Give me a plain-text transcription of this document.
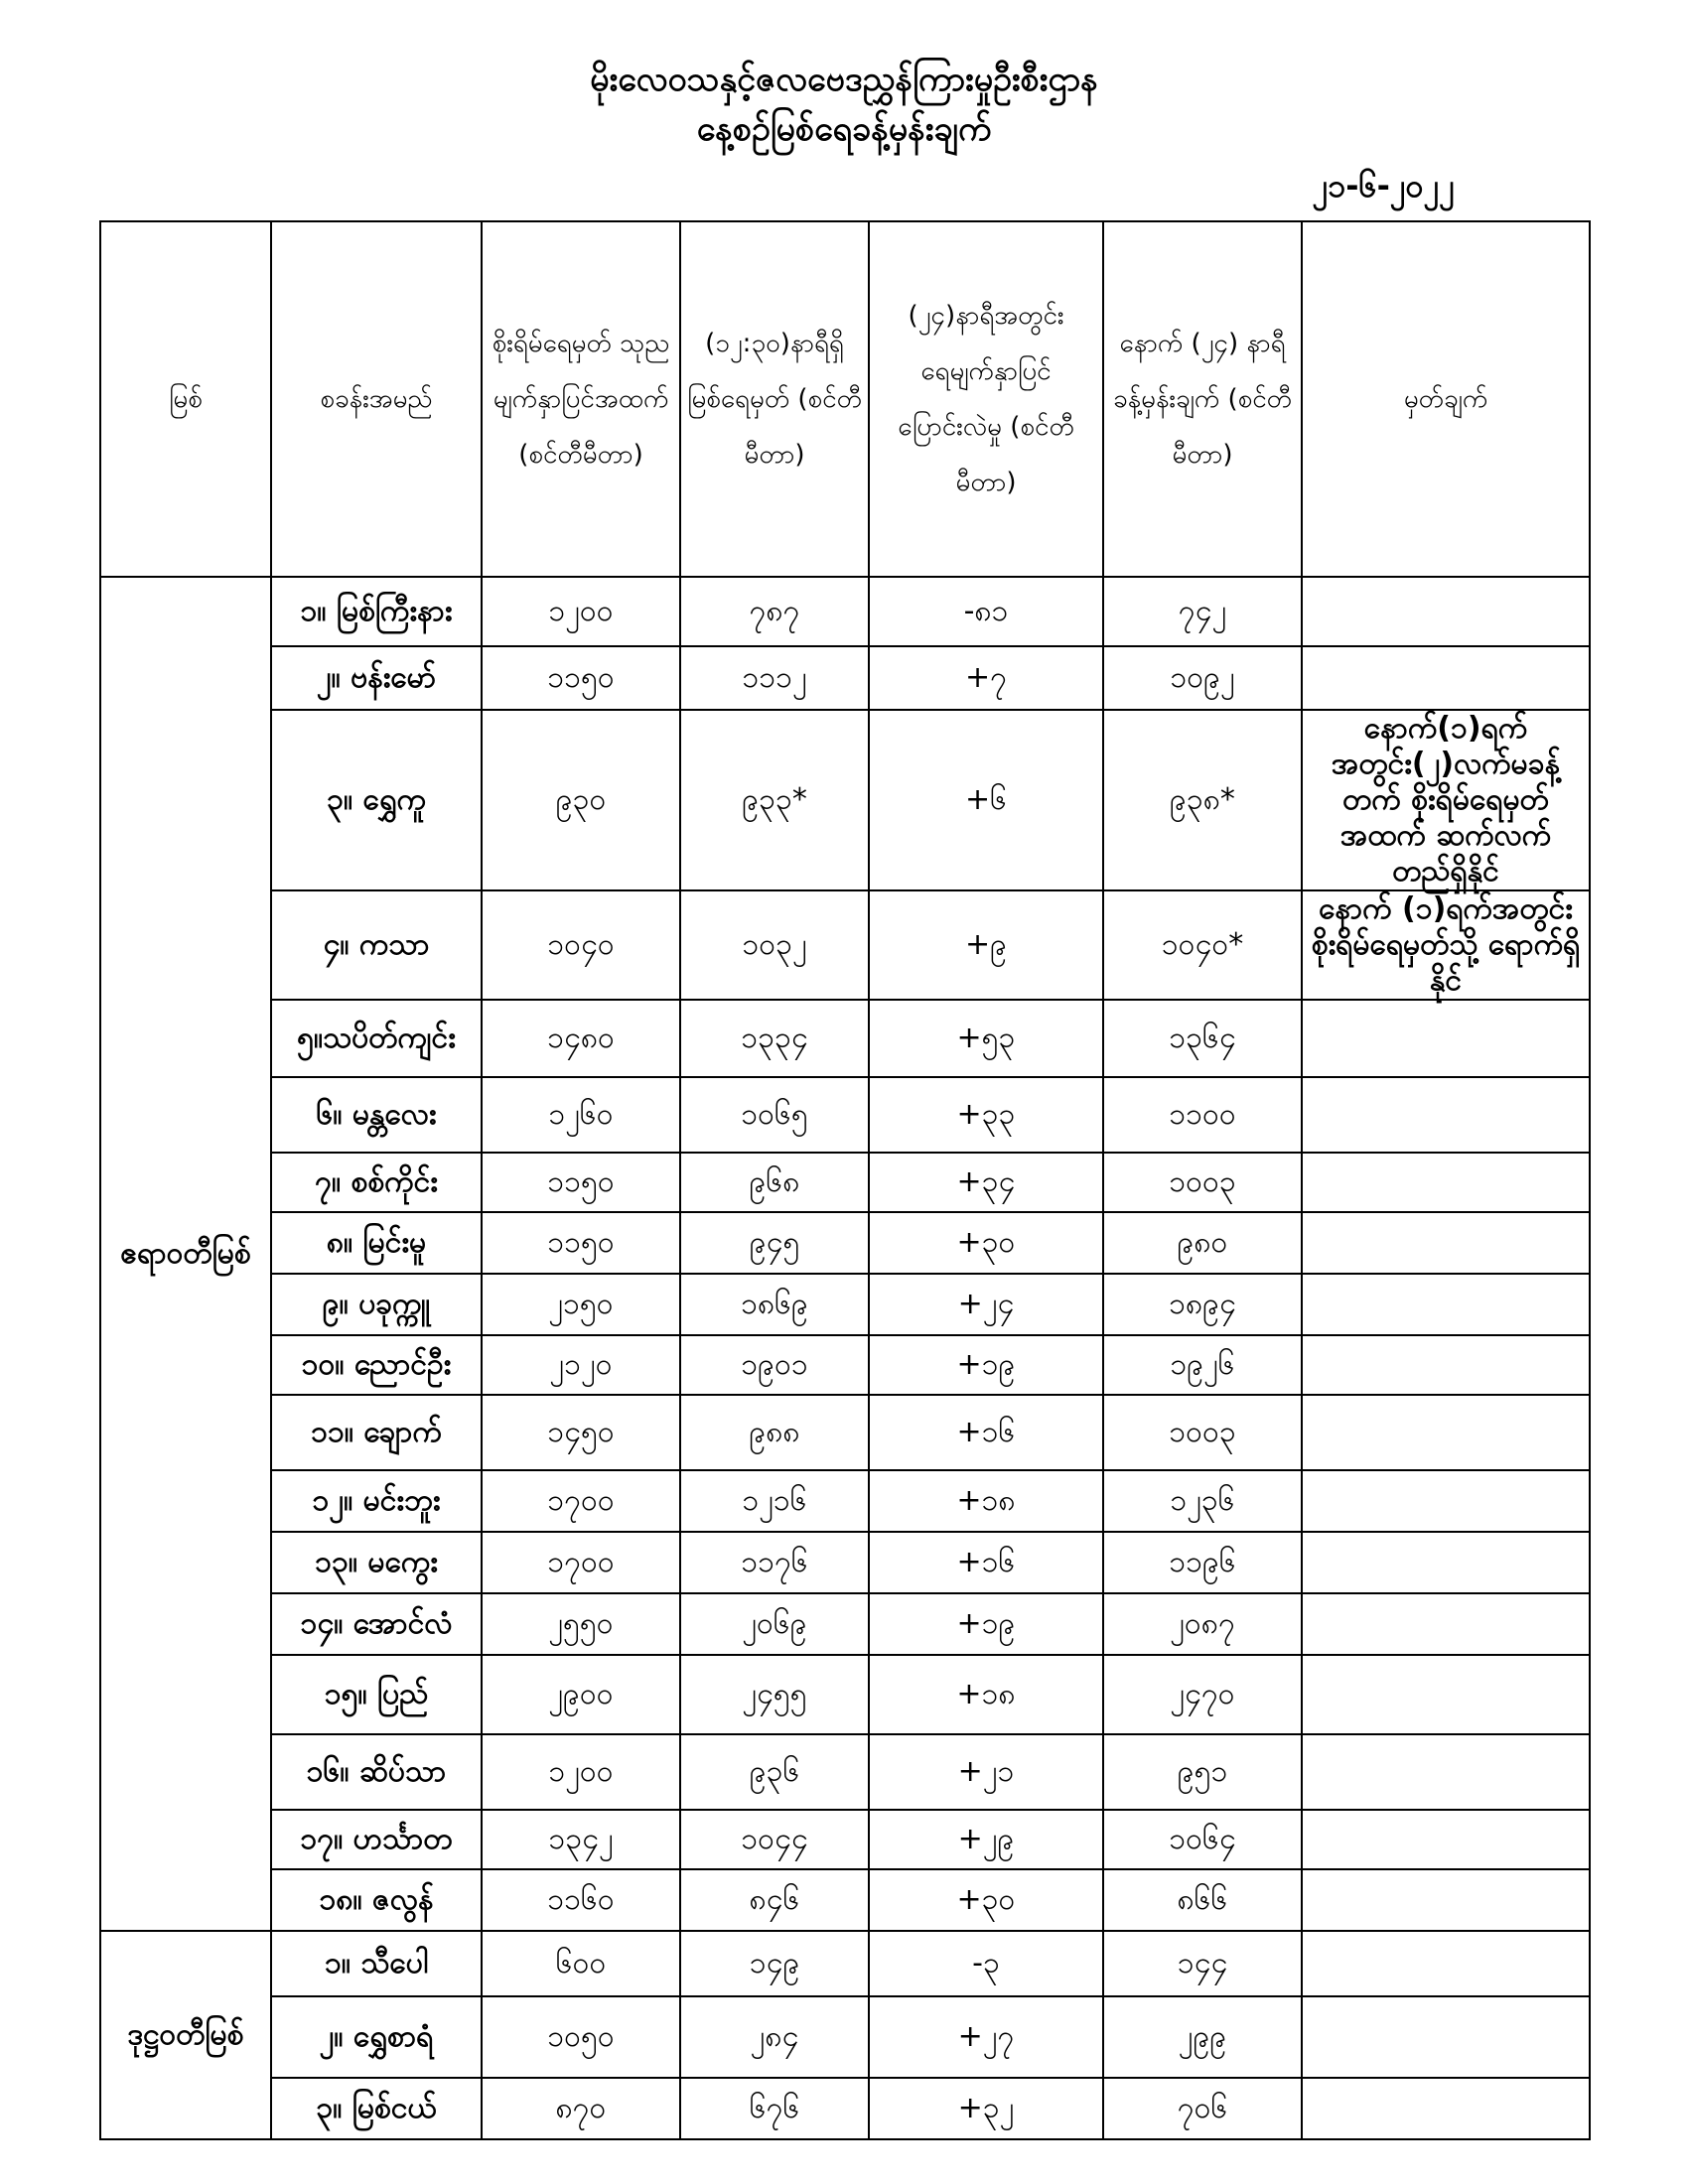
မိုးလေဝသနှင့်ဇလဗေဒညွှန်ကြားမှုဦးစီးဌာန
နေ့စဉ်မြစ်ရေခန့်မှန်းချက်
၂၁-၆-၂၀၂၂
မြစ်	စခန်းအမည်	စိုးရိမ်ရေမှတ် သုညမျက်နှာပြင်အထက် (စင်တီမီတာ)	(၁၂:၃၀)နာရီရှိ မြစ်ရေမှတ် (စင်တီမီတာ)	(၂၄)နာရီအတွင်း ရေမျက်နှာပြင် ပြောင်းလဲမှု (စင်တီမီတာ)	နောက် (၂၄) နာရီ ခန့်မှန်းချက် (စင်တီမီတာ)	မှတ်ချက်
ဧရာဝတီမြစ်	၁။ မြစ်ကြီးနား	၁၂၀၀	၇၈၇	-၈၁	၇၄၂	
	၂။ ဗန်းမော်	၁၁၅၀	၁၁၁၂	+၇	၁၀၉၂	
	၃။ ရွှေကူ	၉၃၀	၉၃၃*	+၆	၉၃၈*	နောက်(၁)ရက်အတွင်း(၂)လက်မခန့် တက် စိုးရိမ်ရေမှတ်အထက် ဆက်လက် တည်ရှိနိုင်
	၄။ ကသာ	၁၀၄၀	၁၀၃၂	+၉	၁၀၄၀*	နောက် (၁)ရက်အတွင်း စိုးရိမ်ရေမှတ်သို့ ရောက်ရှိနိုင်
	၅။သပိတ်ကျင်း	၁၄၈၀	၁၃၃၄	+၅၃	၁၃၆၄	
	၆။ မန္တလေး	၁၂၆၀	၁၀၆၅	+၃၃	၁၁၀၀	
	၇။ စစ်ကိုင်း	၁၁၅၀	၉၆၈	+၃၄	၁၀၀၃	
	၈။ မြင်းမူ	၁၁၅၀	၉၄၅	+၃၀	၉၈၀	
	၉။ ပခုက္ကူ	၂၁၅၀	၁၈၆၉	+၂၄	၁၈၉၄	
	၁၀။ ညောင်ဦး	၂၁၂၀	၁၉၀၁	+၁၉	၁၉၂၆	
	၁၁။ ချောက်	၁၄၅၀	၉၈၈	+၁၆	၁၀၀၃	
	၁၂။ မင်းဘူး	၁၇၀၀	၁၂၁၆	+၁၈	၁၂၃၆	
	၁၃။ မကွေး	၁၇၀၀	၁၁၇၆	+၁၆	၁၁၉၆	
	၁၄။ အောင်လံ	၂၅၅၀	၂၀၆၉	+၁၉	၂၀၈၇	
	၁၅။ ပြည်	၂၉၀၀	၂၄၅၅	+၁၈	၂၄၇၀	
	၁၆။ ဆိပ်သာ	၁၂၀၀	၉၃၆	+၂၁	၉၅၁	
	၁၇။ ဟင်္သာတ	၁၃၄၂	၁၀၄၄	+၂၉	၁၀၆၄	
	၁၈။ ဇလွန်	၁၁၆၀	၈၄၆	+၃၀	၈၆၆	
ဒုဋ္ဌဝတီမြစ်	၁။ သီပေါ	၆၀၀	၁၄၉	-၃	၁၄၄	
	၂။ ရွှေစာရံ	၁၀၅၀	၂၈၄	+၂၇	၂၉၉	
	၃။ မြစ်ငယ်	၈၇၀	၆၇၆	+၃၂	၇၀၆	
